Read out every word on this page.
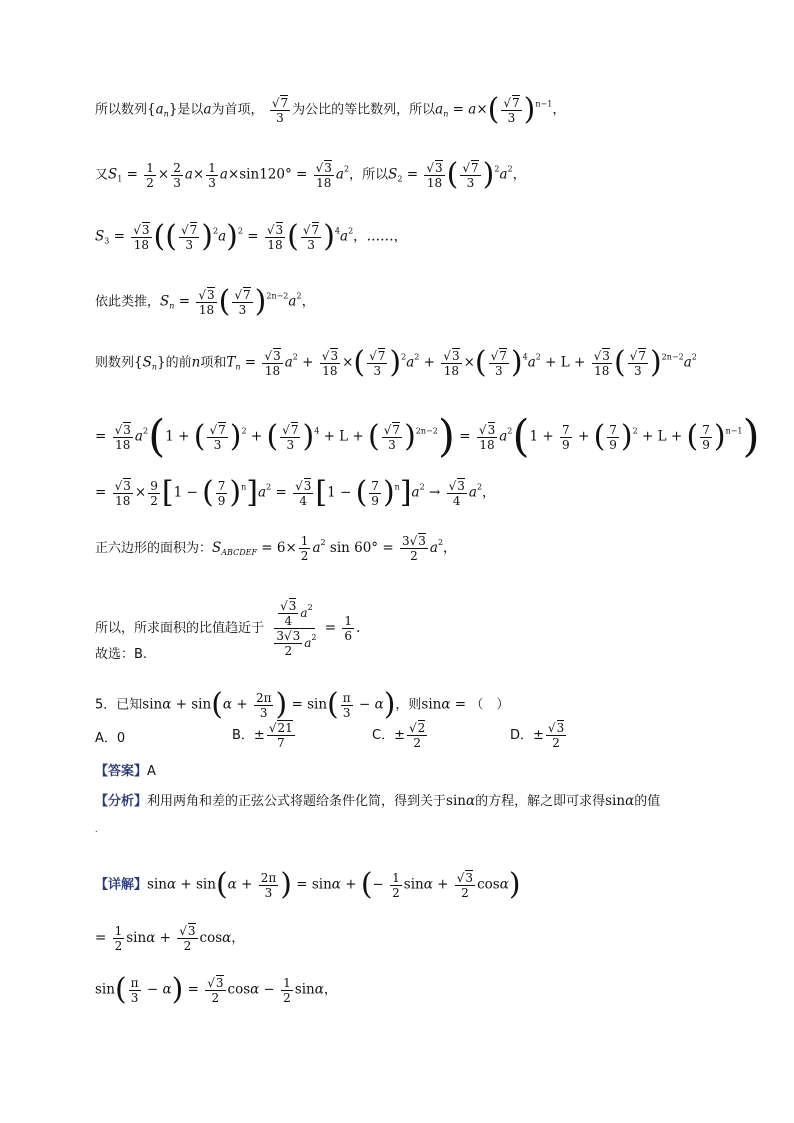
所以数列$\{a_n\}$是以a为首项， $\frac{√7}{3}$ 为公比的等比数列，所以$a_n = a\times( \frac{√7}{3} )^{n-1}$，
又$S_1 = \frac{1}{2} \times \frac{2}{3} a\times \frac{1}{3} a\times\sin 120^\circ = \frac{√3}{18} a^2$，所以$S_2 = \frac{√3}{18}$ ( $\frac{√7}{3} )^2a^2$，
$S_3 = \frac{√3}{18}$ (( $\frac{√7}{3} )^2a)^2 = \frac{√3}{18}$ ( $\frac{√7}{3} )^4a^2$，……，
依此类推，$S_n = \frac{√3}{18}$ ( $\frac{√7}{3} )^{2n-2}a^2$，
则数列$\{S_n\}$的前n项和$T_n = \frac{√3}{18} a^2 + \frac{√3}{18}$ ×( $\frac{√7}{3} )^2a^2 + \frac{√3}{18}$ ×( $\frac{√7}{3} )^4a^2 + L + \frac{√3}{18}$ ( $\frac{√7}{3} )^{2n-2}a^2$
= $\frac{√3}{18} a^2(1$ + ( $\frac{√7}{3} )^2$ + ( $\frac{√7}{3} )^4 + L$ + ( $\frac{√7}{3} )^{2n-2}) = \frac{√3}{18} a^2(1 + \frac{7}{9}$ + ( $\frac{7}{9} )^2 + L$ + ( $\frac{7}{9} )^{n-1}$)
= $\frac{√3}{18} \times \frac{9}{2} [1$ − ( $\frac{7}{9} )^n]a^2 = \frac{√3}{4} [1$ − ( $\frac{7}{9} )^n]a^2 \to \frac{√3}{4} a^2$，
正六边形的面积为：$S_{ABCDEF} = 6\times \frac{1}{2} a^2$ $\sin 60^\circ = \frac{3√3}{2} a^2$，
所以，所求面积的比值趋近于 $\frac{\frac{√3}{4} a^2}{\frac{3√3}{2} a^2} = \frac{1}{6}$ .
故选：B.
5．已知$\sin\alpha + \sin(\alpha + \frac{2\pi}{3}$ ) = $\sin( \frac{\pi}{3} - \alpha)$，则sinα = （　）
A．0	B．± $\frac{√21}{7}$	C．± $\frac{√2}{2}$	D．± $\frac{√3}{2}$
【答案】A
【分析】利用两角和差的正弦公式将题给条件化简，得到关于sinα的方程，解之即可求得sinα的值
.
【详解】$\sin\alpha + \sin(\alpha + \frac{2\pi}{3}$ ) = sinα + (− $\frac{1}{2}$ $\sin\alpha + \frac{√3}{2} \cos\alpha$)
= $\frac{1}{2}$ $\sin\alpha + \frac{√3}{2}$ cosα，
$\sin( \frac{\pi}{3} - \alpha) = \frac{√3}{2}$ $\cos\alpha - \frac{1}{2}$ sinα，
